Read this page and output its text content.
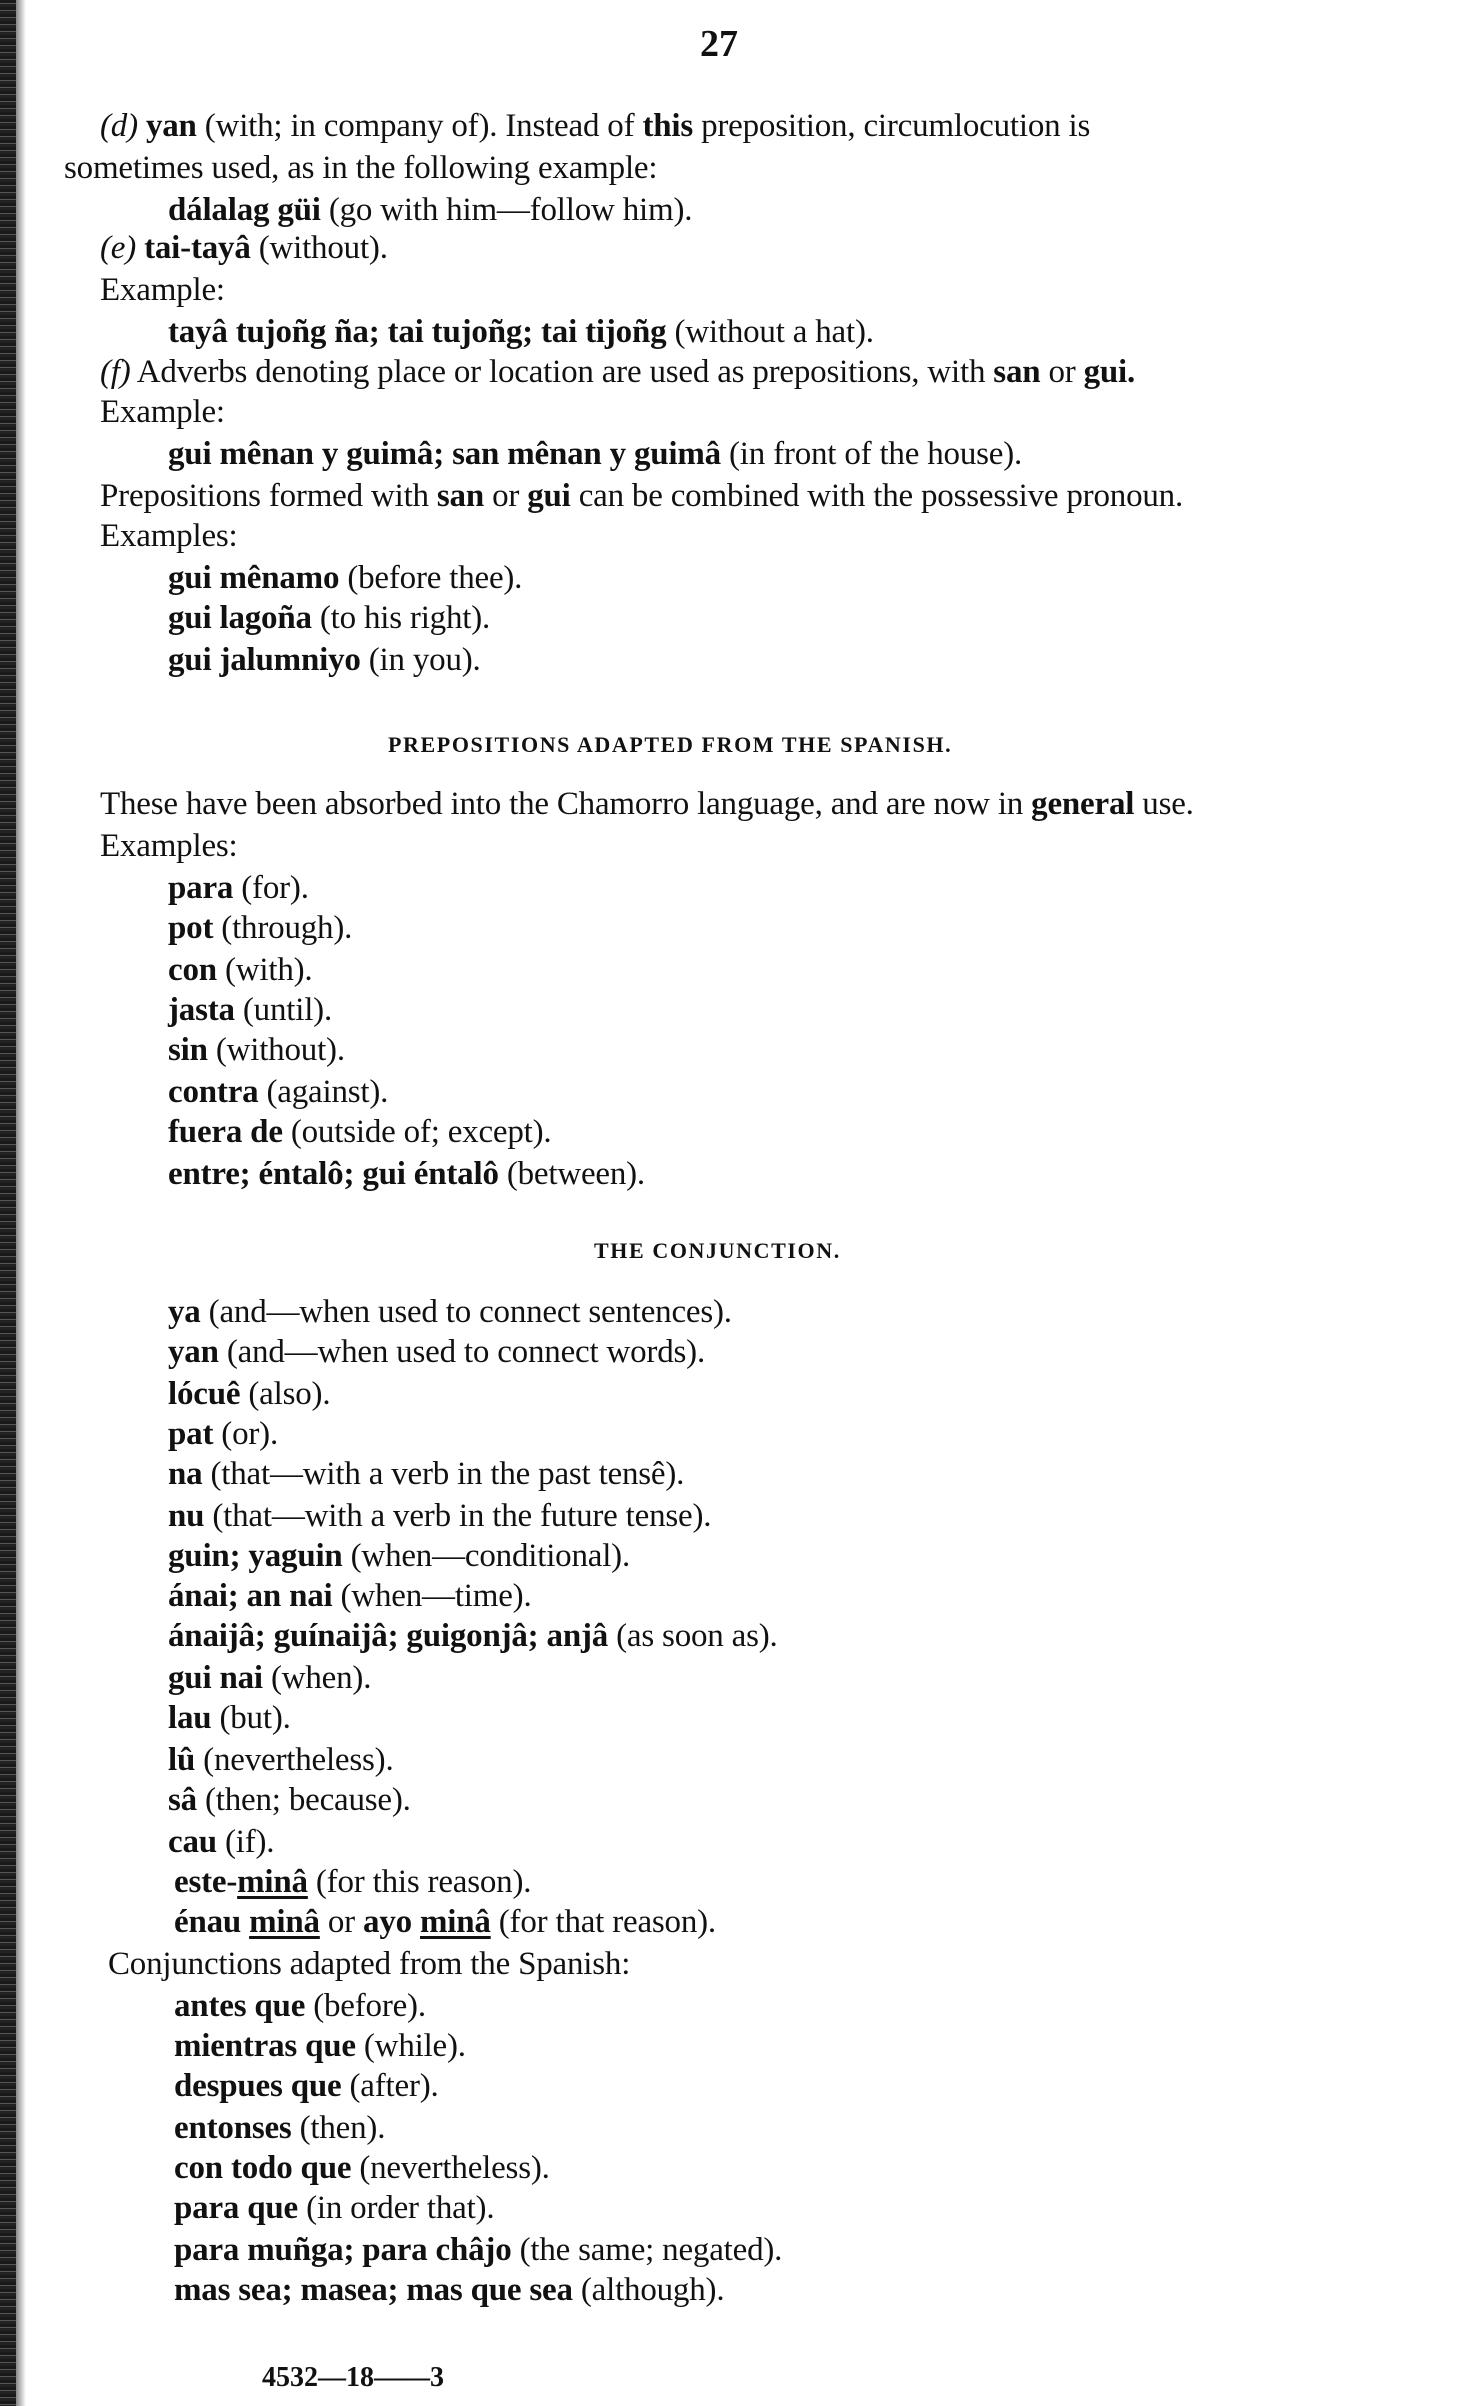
27
(d) yan (with; in company of). Instead of this preposition, circumlocution is
sometimes used, as in the following example:
dálalag güi (go with him—follow him).
(e) tai-tayâ (without).
Example:
tayâ tujoñg ña; tai tujoñg; tai tijoñg (without a hat).
(f) Adverbs denoting place or location are used as prepositions, with san or gui.
Example:
gui mênan y guimâ; san mênan y guimâ (in front of the house).
Prepositions formed with san or gui can be combined with the possessive pronoun.
Examples:
gui mênamo (before thee).
gui lagoña (to his right).
gui jalumniyo (in you).
PREPOSITIONS ADAPTED FROM THE SPANISH.
These have been absorbed into the Chamorro language, and are now in general use.
Examples:
para (for).
pot (through).
con (with).
jasta (until).
sin (without).
contra (against).
fuera de (outside of; except).
entre; éntalô; gui éntalô (between).
THE CONJUNCTION.
ya (and—when used to connect sentences).
yan (and—when used to connect words).
lócuê (also).
pat (or).
na (that—with a verb in the past tensê).
nu (that—with a verb in the future tense).
guin; yaguin (when—conditional).
ánai; an nai (when—time).
ánaijâ; guínaijâ; guigonjâ; anjâ (as soon as).
gui nai (when).
lau (but).
lû (nevertheless).
sâ (then; because).
cau (if).
este-minâ (for this reason).
énau minâ or ayo minâ (for that reason).
Conjunctions adapted from the Spanish:
antes que (before).
mientras que (while).
despues que (after).
entonses (then).
con todo que (nevertheless).
para que (in order that).
para muñga; para châjo (the same; negated).
mas sea; masea; mas que sea (although).
4532—18——3
